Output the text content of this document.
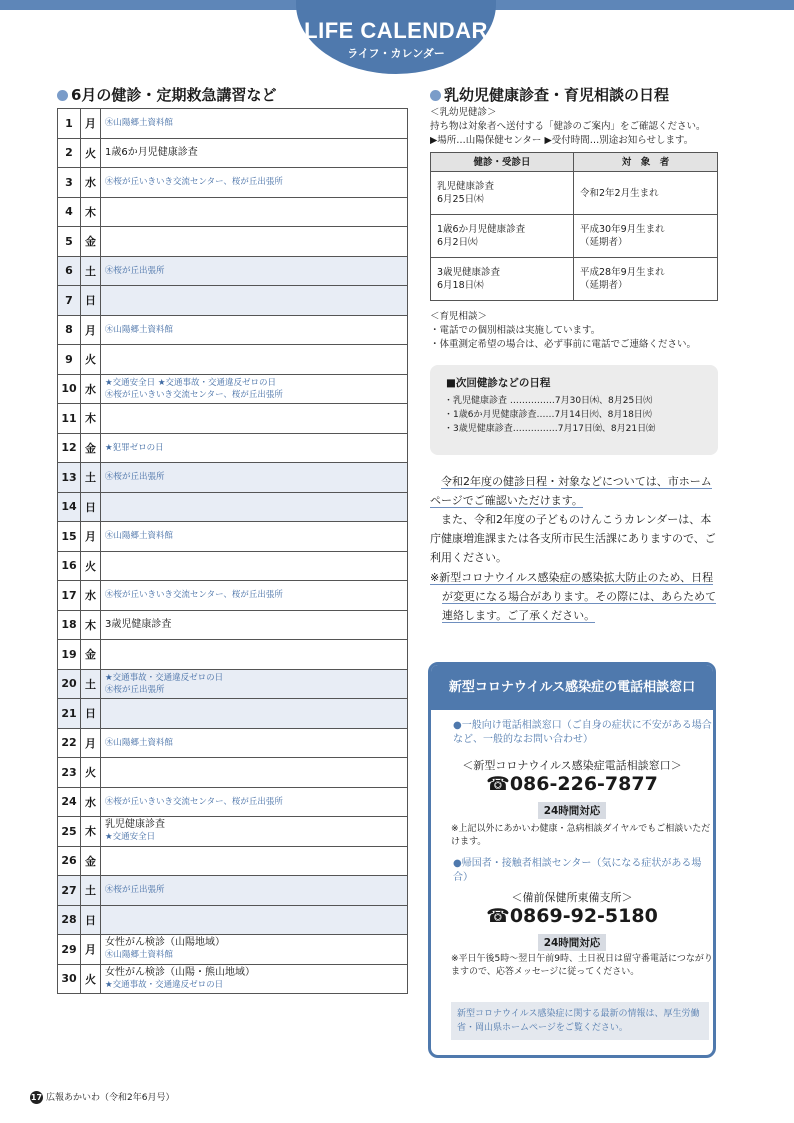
LIFE CALENDAR
ライフ・カレンダー
6月の健診・定期救急講習など
1	月	㊍山陽郷土資料館

2	火	1歳6か月児健康診査

3	水	㊍桜が丘いきいき交流センター、桜が丘出張所

4	木	
5	金	
6	土	㊍桜が丘出張所

7	日	
8	月	㊍山陽郷土資料館

9	火	
10	水	★交通安全日 ★交通事故・交通違反ゼロの日
㊍桜が丘いきいき交流センター、桜が丘出張所

11	木	
12	金	★犯罪ゼロの日

13	土	㊍桜が丘出張所

14	日	
15	月	㊍山陽郷土資料館

16	火	
17	水	㊍桜が丘いきいき交流センター、桜が丘出張所

18	木	3歳児健康診査

19	金	
20	土	★交通事故・交通違反ゼロの日
㊍桜が丘出張所

21	日	
22	月	㊍山陽郷土資料館

23	火	
24	水	㊍桜が丘いきいき交流センター、桜が丘出張所

25	木	乳児健康診査
★交通安全日

26	金	
27	土	㊍桜が丘出張所

28	日	
29	月	女性がん検診（山陽地域）
㊍山陽郷土資料館

30	火	女性がん検診（山陽・熊山地域）
★交通事故・交通違反ゼロの日
乳幼児健康診査・育児相談の日程
＜乳幼児健診＞
持ち物は対象者へ送付する「健診のご案内」をご確認ください。
▶場所…山陽保健センター ▶受付時間…別途お知らせします。
健診・受診日	対　象　者
乳児健康診査
6月25日㈭	令和2年2月生まれ

1歳6か月児健康診査
6月2日㈫	平成30年9月生まれ
（延期者）
3歳児健康診査
6月18日㈭	平成28年9月生まれ
（延期者）
＜育児相談＞
・電話での個別相談は実施しています。
・体重測定希望の場合は、必ず事前に電話でご連絡ください。
■次回健診などの日程
・乳児健康診査 ……………7月30日㈭、8月25日㈫
・1歳6か月児健康診査……7月14日㈫、8月18日㈫
・3歳児健康診査……………7月17日㈮、8月21日㈮
令和2年度の健診日程・対象などについては、市ホームページでご確認いただけます。
また、令和2年度の子どものけんこうカレンダーは、本庁健康増進課または各支所市民生活課にありますので、ご利用ください。
※新型コロナウイルス感染症の感染拡大防止のため、日程が変更になる場合があります。その際には、あらためて連絡します。ご了承ください。
新型コロナウイルス感染症の電話相談窓口
●一般向け電話相談窓口（ご自身の症状に不安がある場合など、一般的なお問い合わせ）
＜新型コロナウイルス感染症電話相談窓口＞
☎086-226-7877
24時間対応
※上記以外にあかいわ健康・急病相談ダイヤルでもご相談いただけます。
●帰国者・接触者相談センター（気になる症状がある場合）
＜備前保健所東備支所＞
☎0869-92-5180
24時間対応
※平日午後5時～翌日午前9時、土日祝日は留守番電話につながりますので、応答メッセージに従ってください。
新型コロナウイルス感染症に関する最新の情報は、厚生労働省・岡山県ホームページをご覧ください。
17 広報あかいわ（令和2年6月号）
